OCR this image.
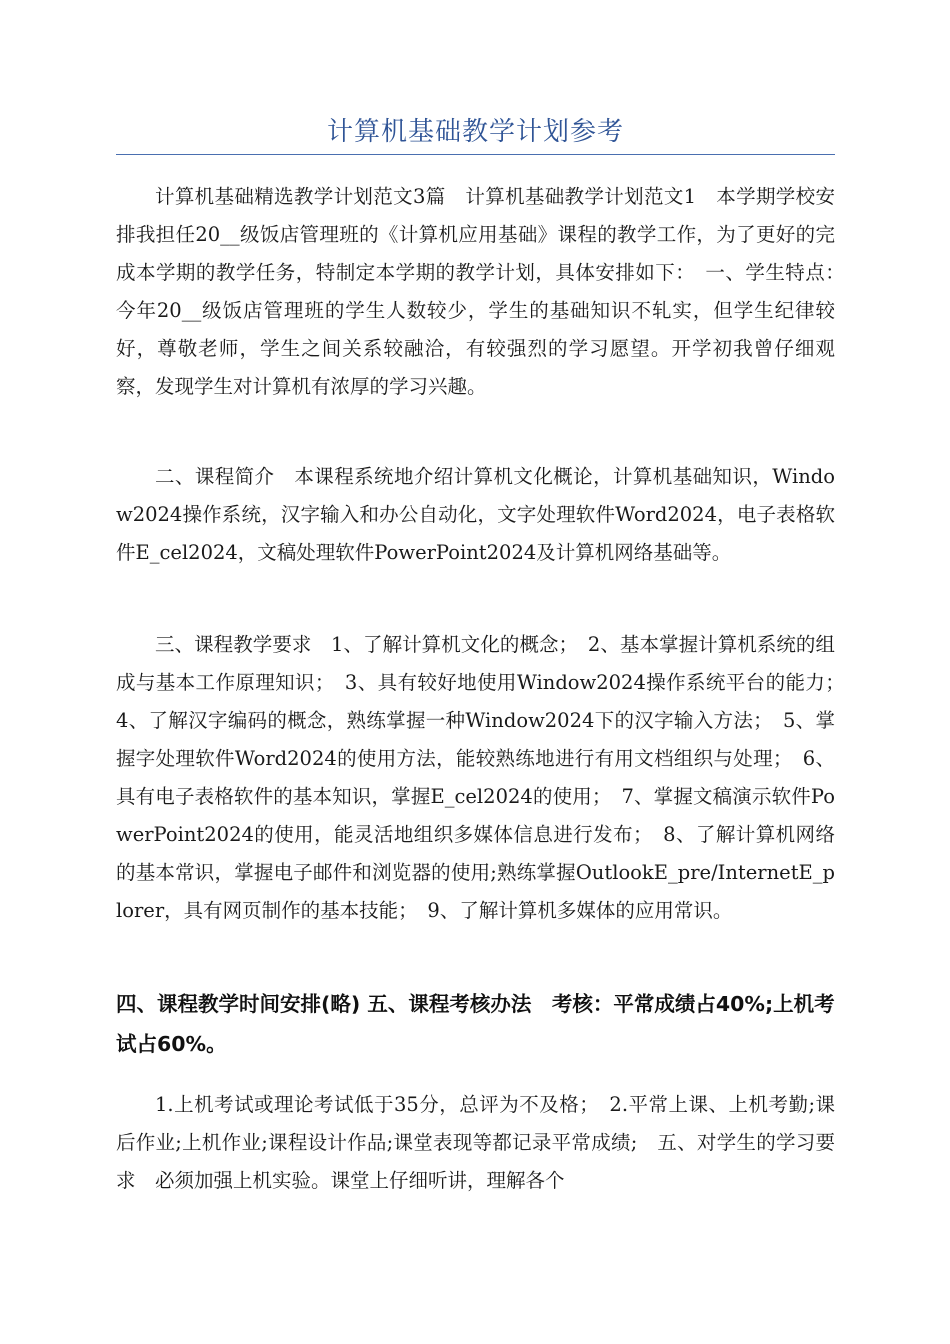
计算机基础教学计划参考

计算机基础精选教学计划范文3篇　计算机基础教学计划范文1　本学期学校安排我担任20__级饭店管理班的《计算机应用基础》课程的教学工作，为了更好的完成本学期的教学任务，特制定本学期的教学计划，具体安排如下：　一、学生特点：　今年20__级饭店管理班的学生人数较少，学生的基础知识不轧实，但学生纪律较好，尊敬老师，学生之间关系较融洽，有较强烈的学习愿望。开学初我曾仔细观察，发现学生对计算机有浓厚的学习兴趣。

二、课程简介　本课程系统地介绍计算机文化概论，计算机基础知识，Window2024操作系统，汉字输入和办公自动化，文字处理软件Word2024，电子表格软件E_cel2024，文稿处理软件PowerPoint2024及计算机网络基础等。

三、课程教学要求　1、了解计算机文化的概念；　2、基本掌握计算机系统的组成与基本工作原理知识；　3、具有较好地使用Window2024操作系统平台的能力；　4、了解汉字编码的概念，熟练掌握一种Window2024下的汉字输入方法；　5、掌握字处理软件Word2024的使用方法，能较熟练地进行有用文档组织与处理；　6、具有电子表格软件的基本知识，掌握E_cel2024的使用；　7、掌握文稿演示软件PowerPoint2024的使用，能灵活地组织多媒体信息进行发布；　8、了解计算机网络的基本常识，掌握电子邮件和浏览器的使用;熟练掌握OutlookE_pre/InternetE_plorer，具有网页制作的基本技能；　9、了解计算机多媒体的应用常识。

四、课程教学时间安排(略) 五、课程考核办法　考核：平常成绩占40%;上机考试占60%。

1.上机考试或理论考试低于35分，总评为不及格；　2.平常上课、上机考勤;课后作业;上机作业;课程设计作品;课堂表现等都记录平常成绩;　五、对学生的学习要求　必须加强上机实验。课堂上仔细听讲，理解各个
